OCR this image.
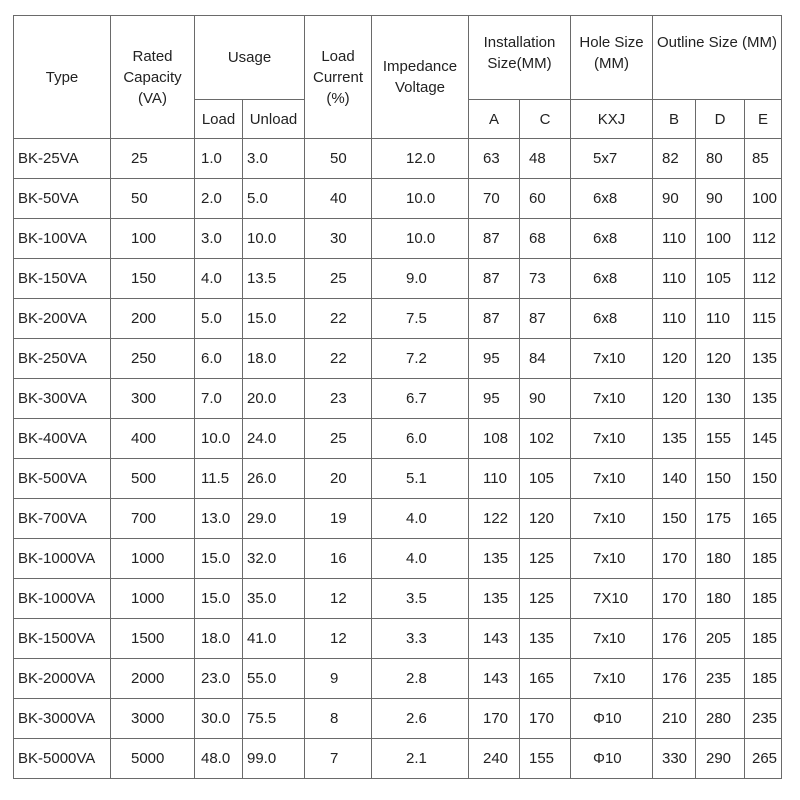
Type	Rated Capacity (VA)	Usage		Load Current (%)	Impedance Voltage	Installation Size(MM)		Hole Size (MM)	Outline Size (MM)		
		Load	Unload			A	C	KXJ	B	D	E
BK-25VA	25	1.0	3.0	50	12.0	63	48	5x7	82	80	85
BK-50VA	50	2.0	5.0	40	10.0	70	60	6x8	90	90	100
BK-100VA	100	3.0	10.0	30	10.0	87	68	6x8	110	100	112
BK-150VA	150	4.0	13.5	25	9.0	87	73	6x8	110	105	112
BK-200VA	200	5.0	15.0	22	7.5	87	87	6x8	110	110	115
BK-250VA	250	6.0	18.0	22	7.2	95	84	7x10	120	120	135
BK-300VA	300	7.0	20.0	23	6.7	95	90	7x10	120	130	135
BK-400VA	400	10.0	24.0	25	6.0	108	102	7x10	135	155	145
BK-500VA	500	11.5	26.0	20	5.1	110	105	7x10	140	150	150
BK-700VA	700	13.0	29.0	19	4.0	122	120	7x10	150	175	165
BK-1000VA	1000	15.0	32.0	16	4.0	135	125	7x10	170	180	185
BK-1000VA	1000	15.0	35.0	12	3.5	135	125	7X10	170	180	185
BK-1500VA	1500	18.0	41.0	12	3.3	143	135	7x10	176	205	185
BK-2000VA	2000	23.0	55.0	9	2.8	143	165	7x10	176	235	185
BK-3000VA	3000	30.0	75.5	8	2.6	170	170	Φ10	210	280	235
BK-5000VA	5000	48.0	99.0	7	2.1	240	155	Φ10	330	290	265
